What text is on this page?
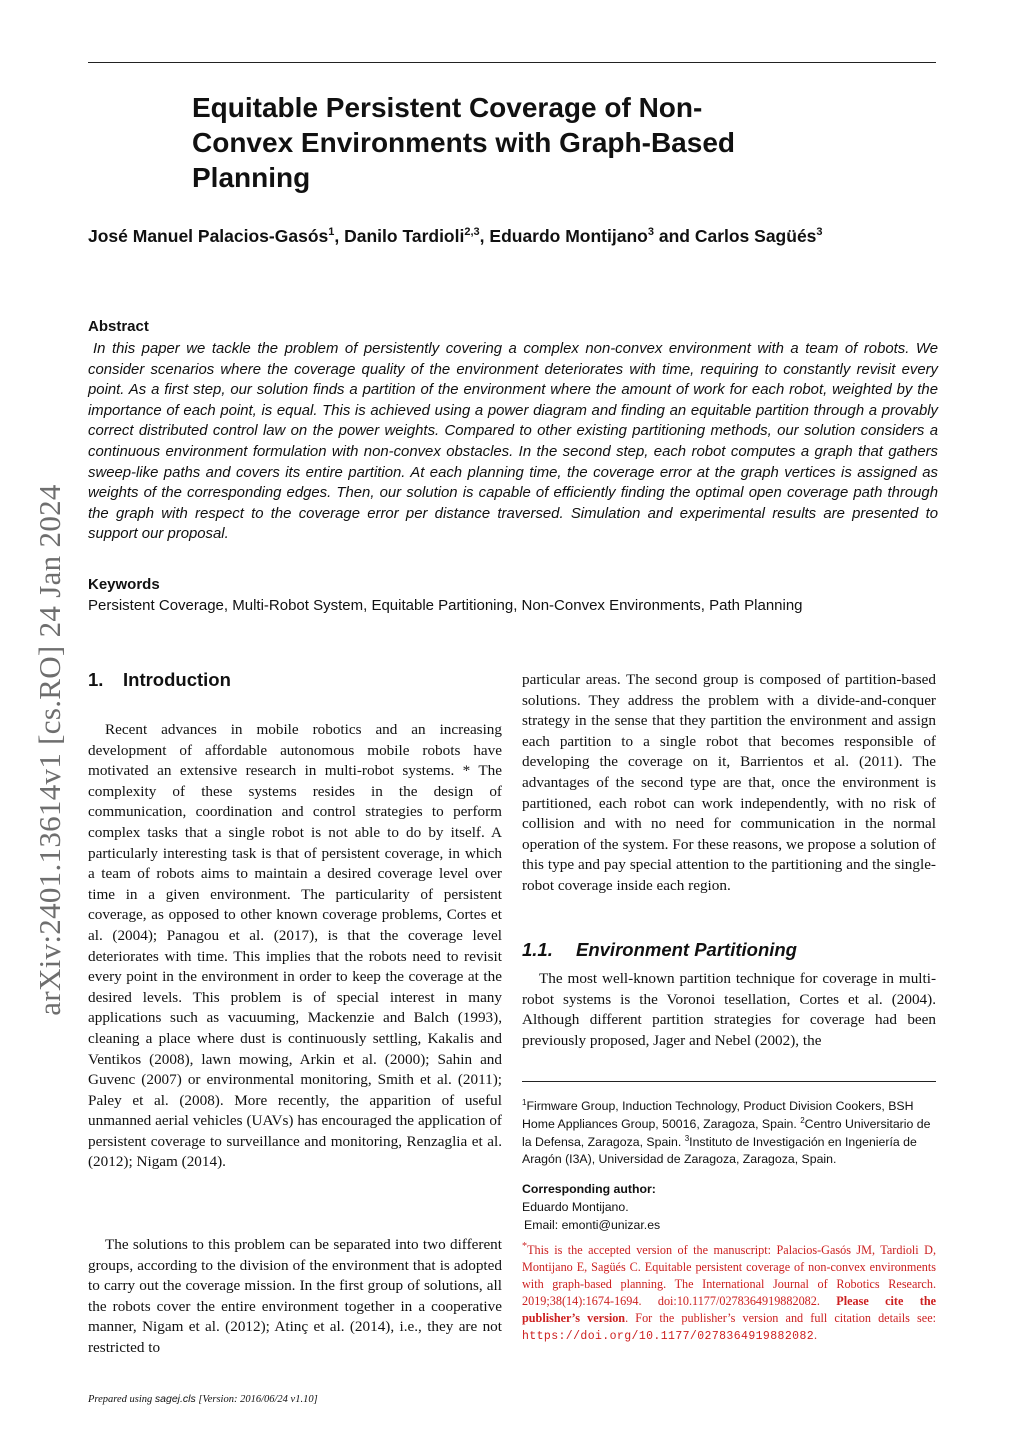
arXiv:2401.13614v1 [cs.RO] 24 Jan 2024
Equitable Persistent Coverage of Non-Convex Environments with Graph-Based Planning
José Manuel Palacios-Gasós$^1$, Danilo Tardioli$^{2,3}$, Eduardo Montijano$^3$ and Carlos Sagüés$^3$
Abstract

In this paper we tackle the problem of persistently covering a complex non-convex environment with a team of robots. We consider scenarios where the coverage quality of the environment deteriorates with time, requiring to constantly revisit every point. As a first step, our solution finds a partition of the environment where the amount of work for each robot, weighted by the importance of each point, is equal. This is achieved using a power diagram and finding an equitable partition through a provably correct distributed control law on the power weights. Compared to other existing partitioning methods, our solution considers a continuous environment formulation with non-convex obstacles. In the second step, each robot computes a graph that gathers sweep-like paths and covers its entire partition. At each planning time, the coverage error at the graph vertices is assigned as weights of the corresponding edges. Then, our solution is capable of efficiently finding the optimal open coverage path through the graph with respect to the coverage error per distance traversed. Simulation and experimental results are presented to support our proposal.

Keywords

Persistent Coverage, Multi-Robot System, Equitable Partitioning, Non-Convex Environments, Path Planning

1. Introduction

Recent advances in mobile robotics and an increasing development of affordable autonomous mobile robots have motivated an extensive research in multi-robot systems. * The complexity of these systems resides in the design of communication, coordination and control strategies to perform complex tasks that a single robot is not able to do by itself. A particularly interesting task is that of persistent coverage, in which a team of robots aims to maintain a desired coverage level over time in a given environment. The particularity of persistent coverage, as opposed to other known coverage problems, Cortes et al. (2004); Panagou et al. (2017), is that the coverage level deteriorates with time. This implies that the robots need to revisit every point in the environment in order to keep the coverage at the desired levels. This problem is of special interest in many applications such as vacuuming, Mackenzie and Balch (1993), cleaning a place where dust is continuously settling, Kakalis and Ventikos (2008), lawn mowing, Arkin et al. (2000); Sahin and Guvenc (2007) or environmental monitoring, Smith et al. (2011); Paley et al. (2008). More recently, the apparition of useful unmanned aerial vehicles (UAVs) has encouraged the application of persistent coverage to surveillance and monitoring, Renzaglia et al. (2012); Nigam (2014).

The solutions to this problem can be separated into two different groups, according to the division of the environment that is adopted to carry out the coverage mission. In the first group of solutions, all the robots cover the entire environment together in a cooperative manner, Nigam et al. (2012); Atinç et al. (2014), i.e., they are not restricted to

particular areas. The second group is composed of partition-based solutions. They address the problem with a divide-and-conquer strategy in the sense that they partition the environment and assign each partition to a single robot that becomes responsible of developing the coverage on it, Barrientos et al. (2011). The advantages of the second type are that, once the environment is partitioned, each robot can work independently, with no risk of collision and with no need for communication in the normal operation of the system. For these reasons, we propose a solution of this type and pay special attention to the partitioning and the single-robot coverage inside each region.

1.1. Environment Partitioning

The most well-known partition technique for coverage in multi-robot systems is the Voronoi tesellation, Cortes et al. (2004). Although different partition strategies for coverage had been previously proposed, Jager and Nebel (2002), the

$^1$Firmware Group, Induction Technology, Product Division Cookers, BSH Home Appliances Group, 50016, Zaragoza, Spain. $^2$Centro Universitario de la Defensa, Zaragoza, Spain. $^3$Instituto de Investigación en Ingeniería de Aragón (I3A), Universidad de Zaragoza, Zaragoza, Spain.

Corresponding author:
Eduardo Montijano.
Email: emonti@unizar.es

*This is the accepted version of the manuscript: Palacios-Gasós JM, Tardioli D, Montijano E, Sagüés C. Equitable persistent coverage of non-convex environments with graph-based planning. The International Journal of Robotics Research. 2019;38(14):1674-1694. doi:10.1177/0278364919882082. Please cite the publisher’s version. For the publisher’s version and full citation details see: https://doi.org/10.1177/0278364919882082.

Prepared using sagej.cls [Version: 2016/06/24 v1.10]
